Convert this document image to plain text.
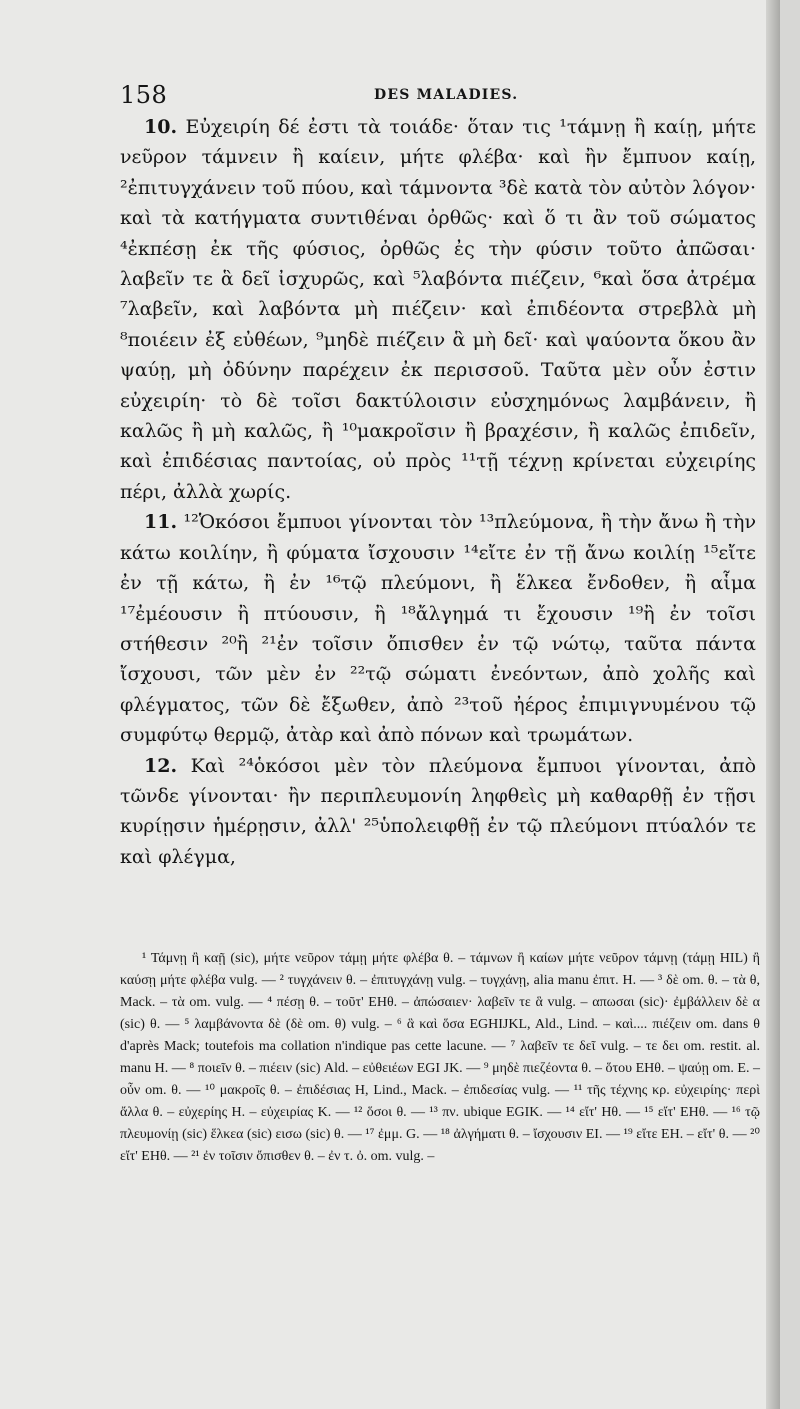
158	DES MALADIES.

10. Εὐχειρίη δέ ἐστι τὰ τοιάδε· ὅταν τις ¹τάμνῃ ἢ καίῃ, μήτε νεῦρον τάμνειν ἢ καίειν, μήτε φλέβα· καὶ ἢν ἔμπυον καίῃ, ²ἐπιτυγχάνειν τοῦ πύου, καὶ τάμνοντα ³δὲ κατὰ τὸν αὐτὸν λόγον· καὶ τὰ κατήγματα συντιθέναι ὀρθῶς· καὶ ὅ τι ἂν τοῦ σώματος ⁴ἐκπέσῃ ἐκ τῆς φύσιος, ὀρθῶς ἐς τὴν φύσιν τοῦτο ἀπῶσαι· λαβεῖν τε ἃ δεῖ ἰσχυρῶς, καὶ ⁵λαβόντα πιέζειν, ⁶καὶ ὅσα ἀτρέμα ⁷λαβεῖν, καὶ λαβόντα μὴ πιέζειν· καὶ ἐπιδέοντα στρεβλὰ μὴ ⁸ποιέειν ἐξ εὐθέων, ⁹μηδὲ πιέζειν ἃ μὴ δεῖ· καὶ ψαύοντα ὅκου ἂν ψαύῃ, μὴ ὀδύνην παρέχειν ἐκ περισσοῦ. Ταῦτα μὲν οὖν ἐστιν εὐχειρίη· τὸ δὲ τοῖσι δακτύλοισιν εὐσχημόνως λαμβάνειν, ἢ καλῶς ἢ μὴ καλῶς, ἢ ¹⁰μακροῖσιν ἢ βραχέσιν, ἢ καλῶς ἐπιδεῖν, καὶ ἐπιδέσιας παντοίας, οὐ πρὸς ¹¹τῇ τέχνῃ κρίνεται εὐχειρίης πέρι, ἀλλὰ χωρίς.

11. ¹²Ὁκόσοι ἔμπυοι γίνονται τὸν ¹³πλεύμονα, ἢ τὴν ἄνω ἢ τὴν κάτω κοιλίην, ἢ φύματα ἴσχουσιν ¹⁴εἴτε ἐν τῇ ἄνω κοιλίῃ ¹⁵εἴτε ἐν τῇ κάτω, ἢ ἐν ¹⁶τῷ πλεύμονι, ἢ ἕλκεα ἔνδοθεν, ἢ αἷμα ¹⁷ἐμέουσιν ἢ πτύουσιν, ἢ ¹⁸ἄλγημά τι ἔχουσιν ¹⁹ἢ ἐν τοῖσι στήθεσιν ²⁰ἢ ²¹ἐν τοῖσιν ὄπισθεν ἐν τῷ νώτῳ, ταῦτα πάντα ἴσχουσι, τῶν μὲν ἐν ²²τῷ σώματι ἐνεόντων, ἀπὸ χολῆς καὶ φλέγματος, τῶν δὲ ἔξωθεν, ἀπὸ ²³τοῦ ἠέρος ἐπιμιγνυμένου τῷ συμφύτῳ θερμῷ, ἀτὰρ καὶ ἀπὸ πόνων καὶ τρωμάτων.

12. Καὶ ²⁴ὁκόσοι μὲν τὸν πλεύμονα ἔμπυοι γίνονται, ἀπὸ τῶνδε γίνονται· ἢν περιπλευμονίη ληφθεὶς μὴ καθαρθῇ ἐν τῇσι κυρίῃσιν ἡμέρῃσιν, ἀλλ' ²⁵ὑπολειφθῇ ἐν τῷ πλεύμονι πτύαλόν τε καὶ φλέγμα,

¹ Τάμνῃ ἢ καῇ (sic), μήτε νεῦρον τάμῃ μήτε φλέβα θ. – τάμνων ἢ καίων μήτε νεῦρον τάμνῃ (τάμῃ HIL) ἢ καύσῃ μήτε φλέβα vulg. — ² τυγχάνειν θ. – ἐπιτυγχάνῃ vulg. – τυγχάνῃ, alia manu ἐπιτ. H. — ³ δὲ om. θ. – τὰ θ, Mack. – τὰ om. vulg. — ⁴ πέσῃ θ. – τοῦτ' EHθ. – ἀπώσαιεν· λαβεῖν τε ἃ vulg. – απωσαι (sic)· ἐμβάλλειν δὲ α (sic) θ. — ⁵ λαμβάνοντα δὲ (δὲ om. θ) vulg. – ⁶ ἃ καὶ ὅσα EGHIJKL, Ald., Lind. – καὶ.... πιέζειν om. dans θ d'après Mack; toutefois ma collation n'indique pas cette lacune. — ⁷ λαβεῖν τε δεῖ vulg. – τε δει om. restit. al. manu H. — ⁸ ποιεῖν θ. – πιέειν (sic) Ald. – εὐθειέων EGI JK. — ⁹ μηδὲ πιεζέοντα θ. – ὅτου EHθ. – ψαύῃ om. E. – οὖν om. θ. — ¹⁰ μακροῖς θ. – ἐπιδέσιας H, Lind., Mack. – ἐπιδεσίας vulg. — ¹¹ τῆς τέχνης κρ. εὐχειρίης· περὶ ἄλλα θ. – εὐχερίης H. – εὐχειρίας K. — ¹² ὅσοι θ. — ¹³ πν. ubique EGIK. — ¹⁴ εἴτ' Hθ. — ¹⁵ εἴτ' EHθ. — ¹⁶ τῷ πλευμονίῃ (sic) ἕλκεα (sic) εισω (sic) θ. — ¹⁷ ἐμμ. G. — ¹⁸ ἀλγήματι θ. – ἴσχουσιν EI. — ¹⁹ εἴτε EH. – εἴτ' θ. — ²⁰ εἴτ' EHθ. — ²¹ ἐν τοῖσιν ὄπισθεν θ. – ἐν τ. ὀ. om. vulg. –
